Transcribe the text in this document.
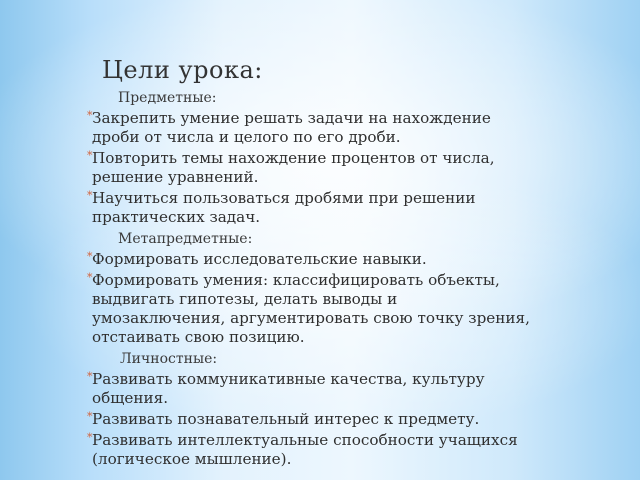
Цели урока:
Предметные:
* Закрепить умение решать задачи на нахождение дроби от числа и целого по его дроби.
* Повторить темы нахождение процентов от числа, решение уравнений.
* Научиться пользоваться дробями при решении практических задач.
Метапредметные:
* Формировать исследовательские навыки.
* Формировать умения: классифицировать объекты, выдвигать гипотезы, делать выводы и умозаключения, аргументировать свою точку зрения, отстаивать свою позицию.
Личностные:
* Развивать коммуникативные качества, культуру общения.
* Развивать познавательный интерес к предмету.
* Развивать интеллектуальные способности учащихся (логическое мышление).
